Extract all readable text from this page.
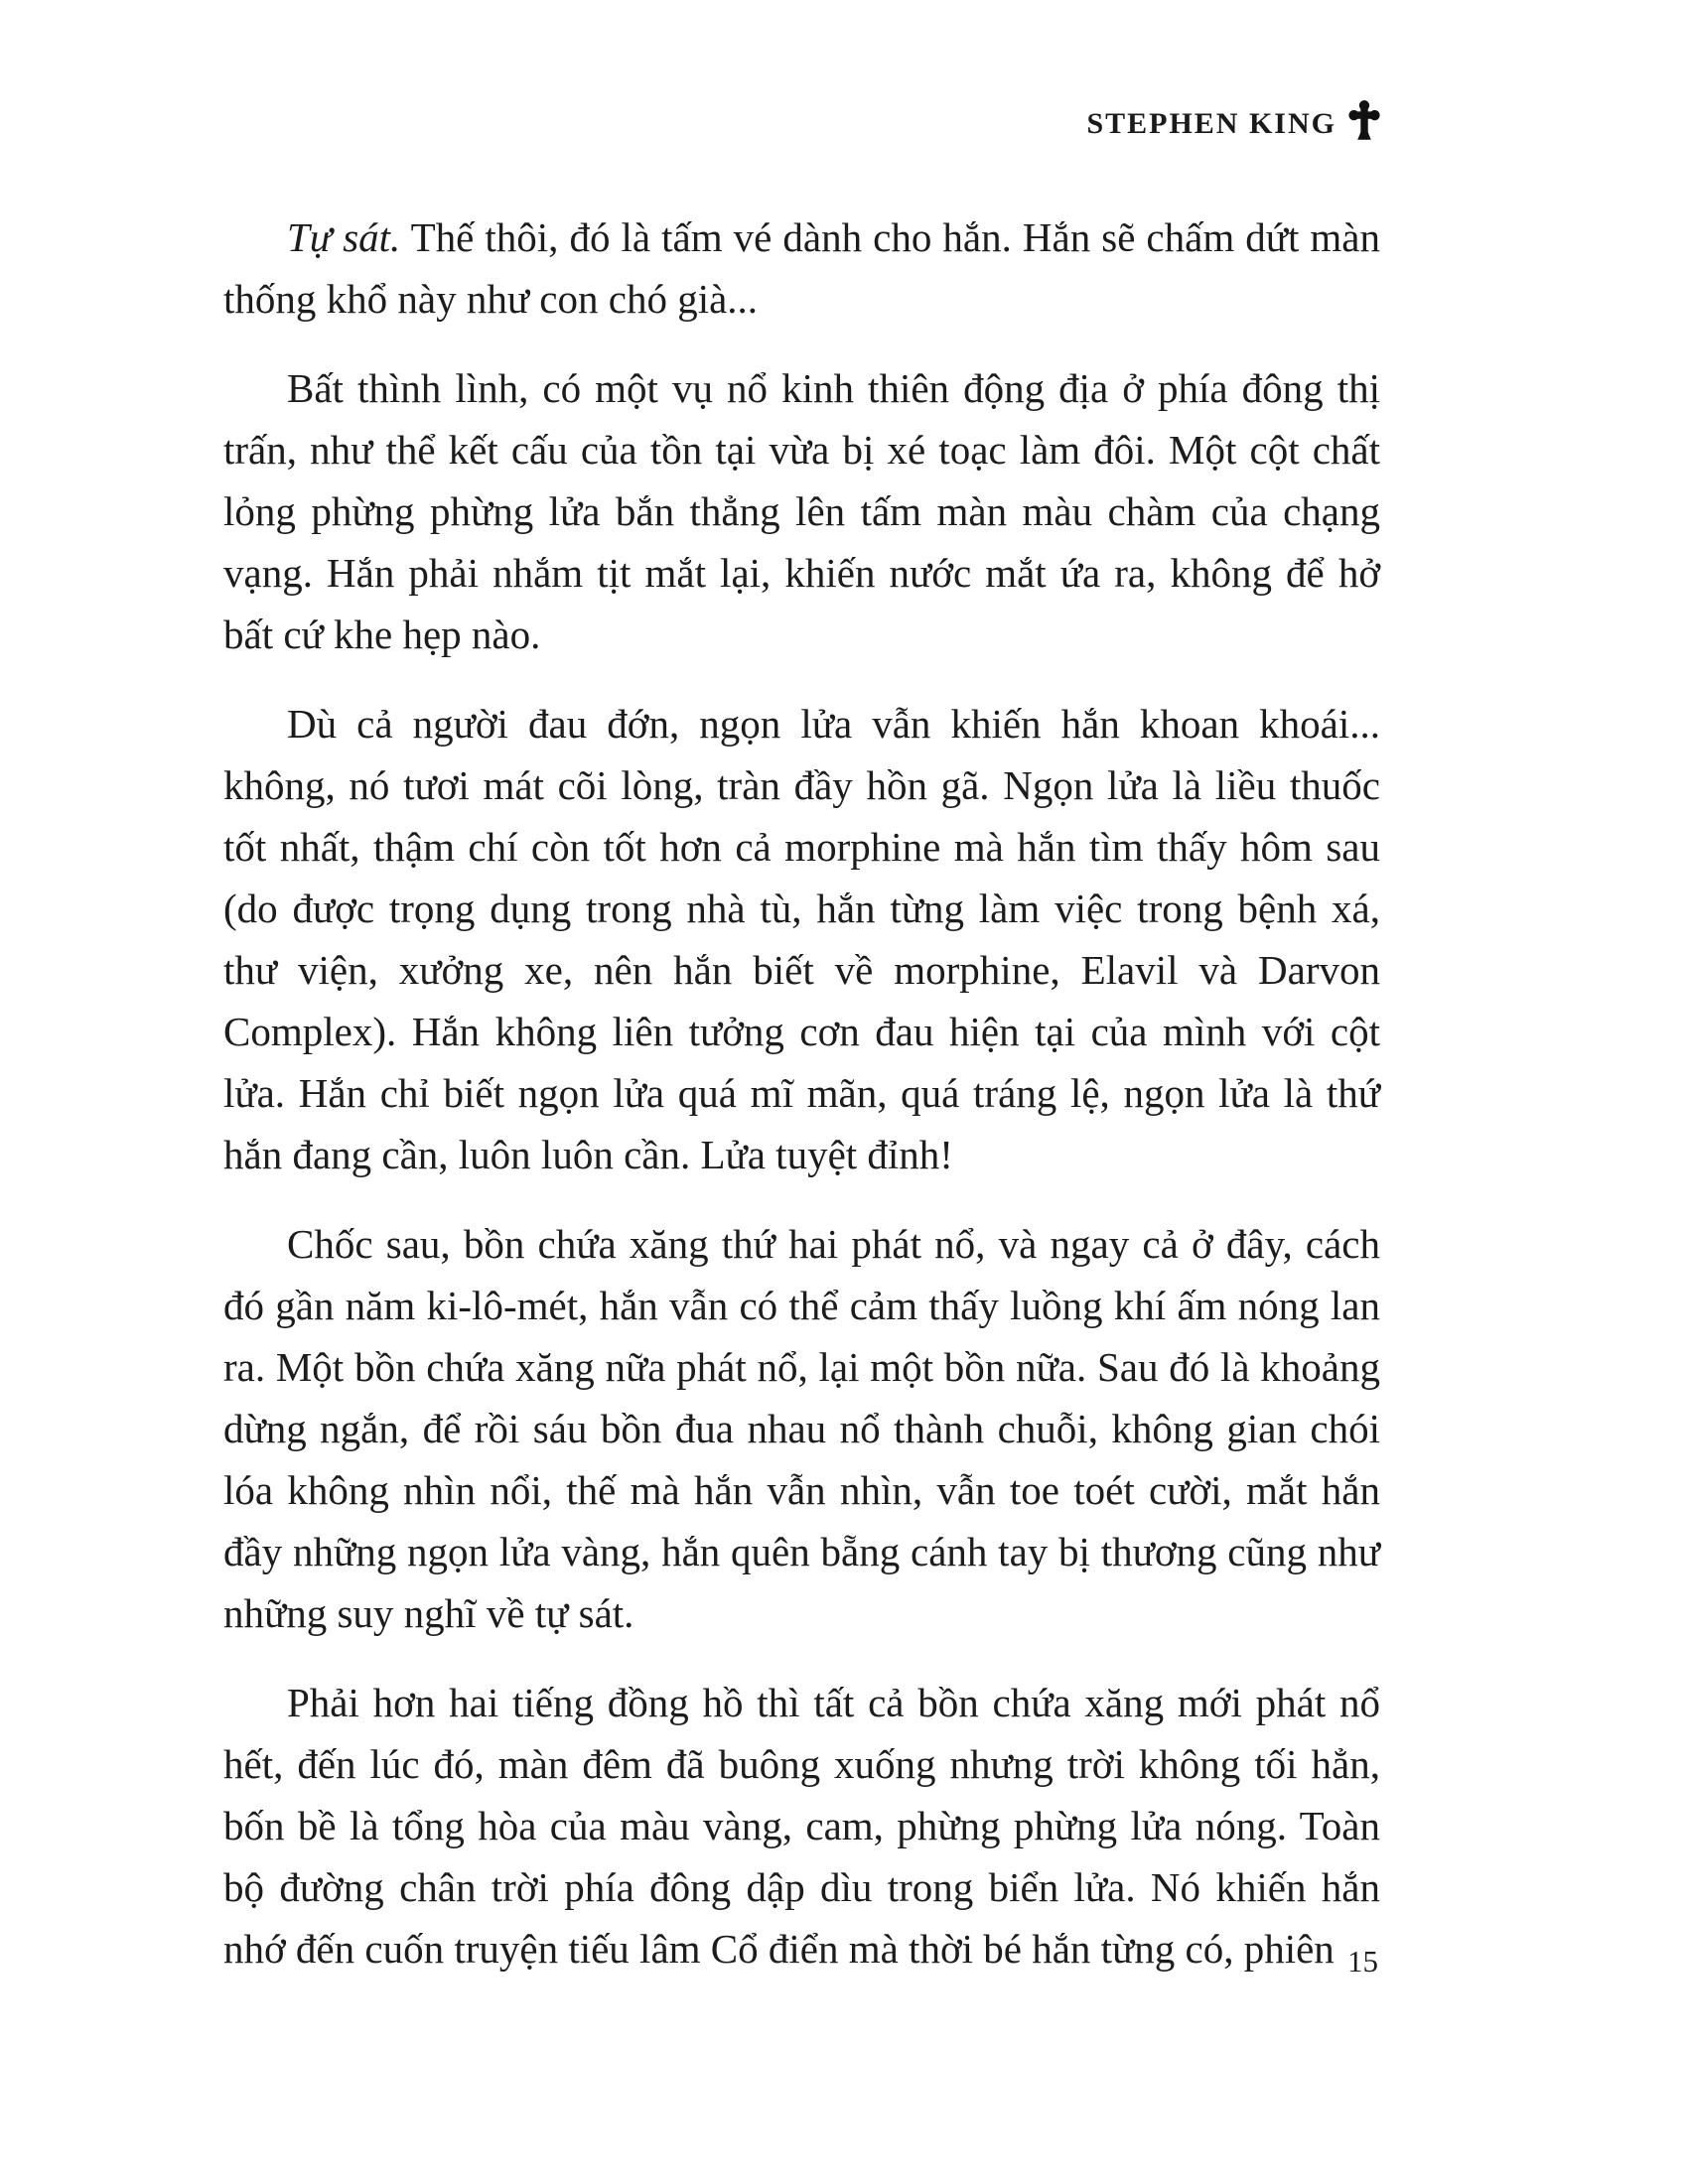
STEPHEN KING

Tự sát. Thế thôi, đó là tấm vé dành cho hắn. Hắn sẽ chấm dứt màn thống khổ này như con chó già...

Bất thình lình, có một vụ nổ kinh thiên động địa ở phía đông thị trấn, như thể kết cấu của tồn tại vừa bị xé toạc làm đôi. Một cột chất lỏng phừng phừng lửa bắn thẳng lên tấm màn màu chàm của chạng vạng. Hắn phải nhắm tịt mắt lại, khiến nước mắt ứa ra, không để hở bất cứ khe hẹp nào.

Dù cả người đau đớn, ngọn lửa vẫn khiến hắn khoan khoái... không, nó tươi mát cõi lòng, tràn đầy hồn gã. Ngọn lửa là liều thuốc tốt nhất, thậm chí còn tốt hơn cả morphine mà hắn tìm thấy hôm sau (do được trọng dụng trong nhà tù, hắn từng làm việc trong bệnh xá, thư viện, xưởng xe, nên hắn biết về morphine, Elavil và Darvon Complex). Hắn không liên tưởng cơn đau hiện tại của mình với cột lửa. Hắn chỉ biết ngọn lửa quá mĩ mãn, quá tráng lệ, ngọn lửa là thứ hắn đang cần, luôn luôn cần. Lửa tuyệt đỉnh!

Chốc sau, bồn chứa xăng thứ hai phát nổ, và ngay cả ở đây, cách đó gần năm ki-lô-mét, hắn vẫn có thể cảm thấy luồng khí ấm nóng lan ra. Một bồn chứa xăng nữa phát nổ, lại một bồn nữa. Sau đó là khoảng dừng ngắn, để rồi sáu bồn đua nhau nổ thành chuỗi, không gian chói lóa không nhìn nổi, thế mà hắn vẫn nhìn, vẫn toe toét cười, mắt hắn đầy những ngọn lửa vàng, hắn quên bẵng cánh tay bị thương cũng như những suy nghĩ về tự sát.

Phải hơn hai tiếng đồng hồ thì tất cả bồn chứa xăng mới phát nổ hết, đến lúc đó, màn đêm đã buông xuống nhưng trời không tối hẳn, bốn bề là tổng hòa của màu vàng, cam, phừng phừng lửa nóng. Toàn bộ đường chân trời phía đông dập dìu trong biển lửa. Nó khiến hắn nhớ đến cuốn truyện tiếu lâm Cổ điển mà thời bé hắn từng có, phiên 15
